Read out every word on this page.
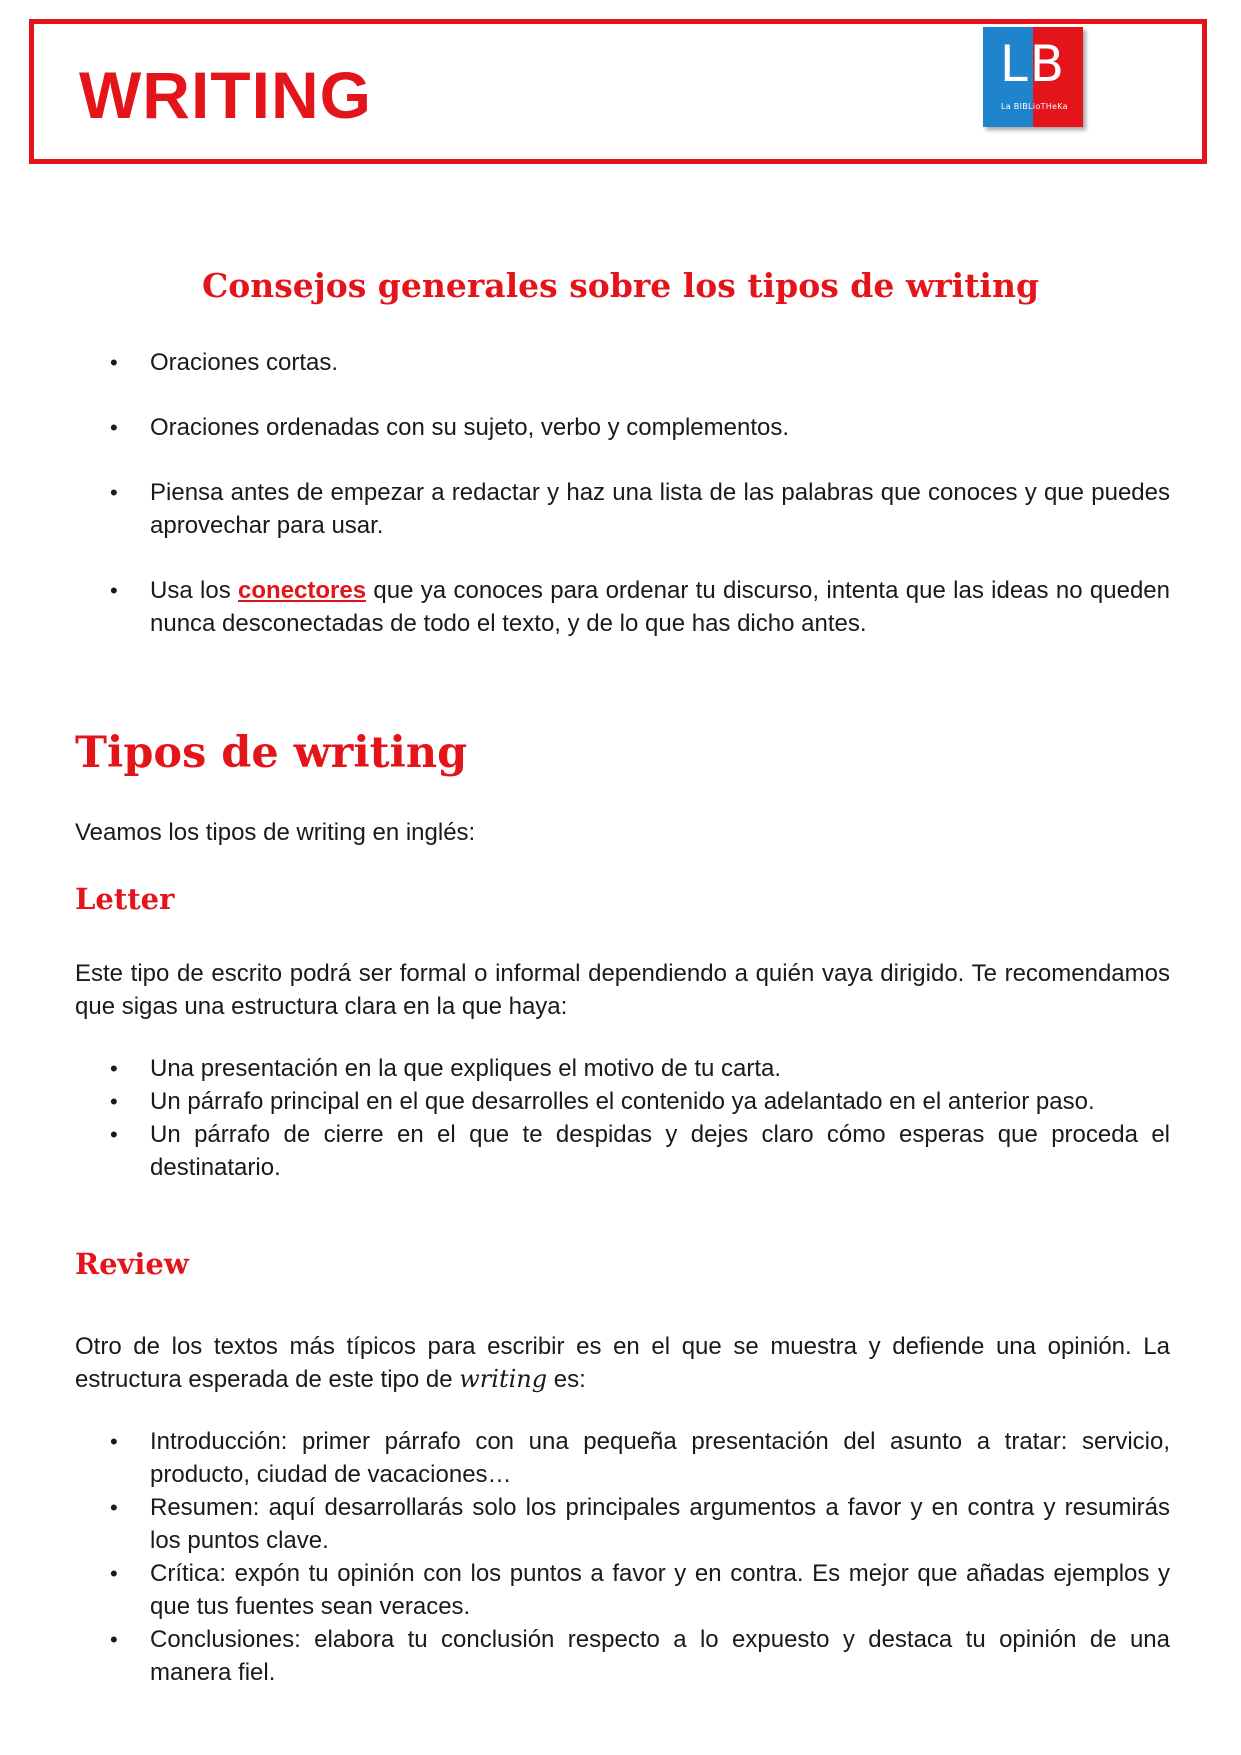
WRITING	LB
La BIBLioTHeKa
Consejos generales sobre los tipos de writing
• Oraciones cortas.
• Oraciones ordenadas con su sujeto, verbo y complementos.
• Piensa antes de empezar a redactar y haz una lista de las palabras que conoces y que puedes aprovechar para usar.
• Usa los conectores que ya conoces para ordenar tu discurso, intenta que las ideas no queden nunca desconectadas de todo el texto, y de lo que has dicho antes.
Tipos de writing

Veamos los tipos de writing en inglés:

Letter

Este tipo de escrito podrá ser formal o informal dependiendo a quién vaya dirigido. Te recomendamos que sigas una estructura clara en la que haya:

• Una presentación en la que expliques el motivo de tu carta.
• Un párrafo principal en el que desarrolles el contenido ya adelantado en el anterior paso.
• Un párrafo de cierre en el que te despidas y dejes claro cómo esperas que proceda el destinatario.
Review

Otro de los textos más típicos para escribir es en el que se muestra y defiende una opinión. La estructura esperada de este tipo de writing es:

• Introducción: primer párrafo con una pequeña presentación del asunto a tratar: servicio, producto, ciudad de vacaciones…
• Resumen: aquí desarrollarás solo los principales argumentos a favor y en contra y resumirás los puntos clave.
• Crítica: expón tu opinión con los puntos a favor y en contra. Es mejor que añadas ejemplos y que tus fuentes sean veraces.
• Conclusiones: elabora tu conclusión respecto a lo expuesto y destaca tu opinión de una manera fiel.
